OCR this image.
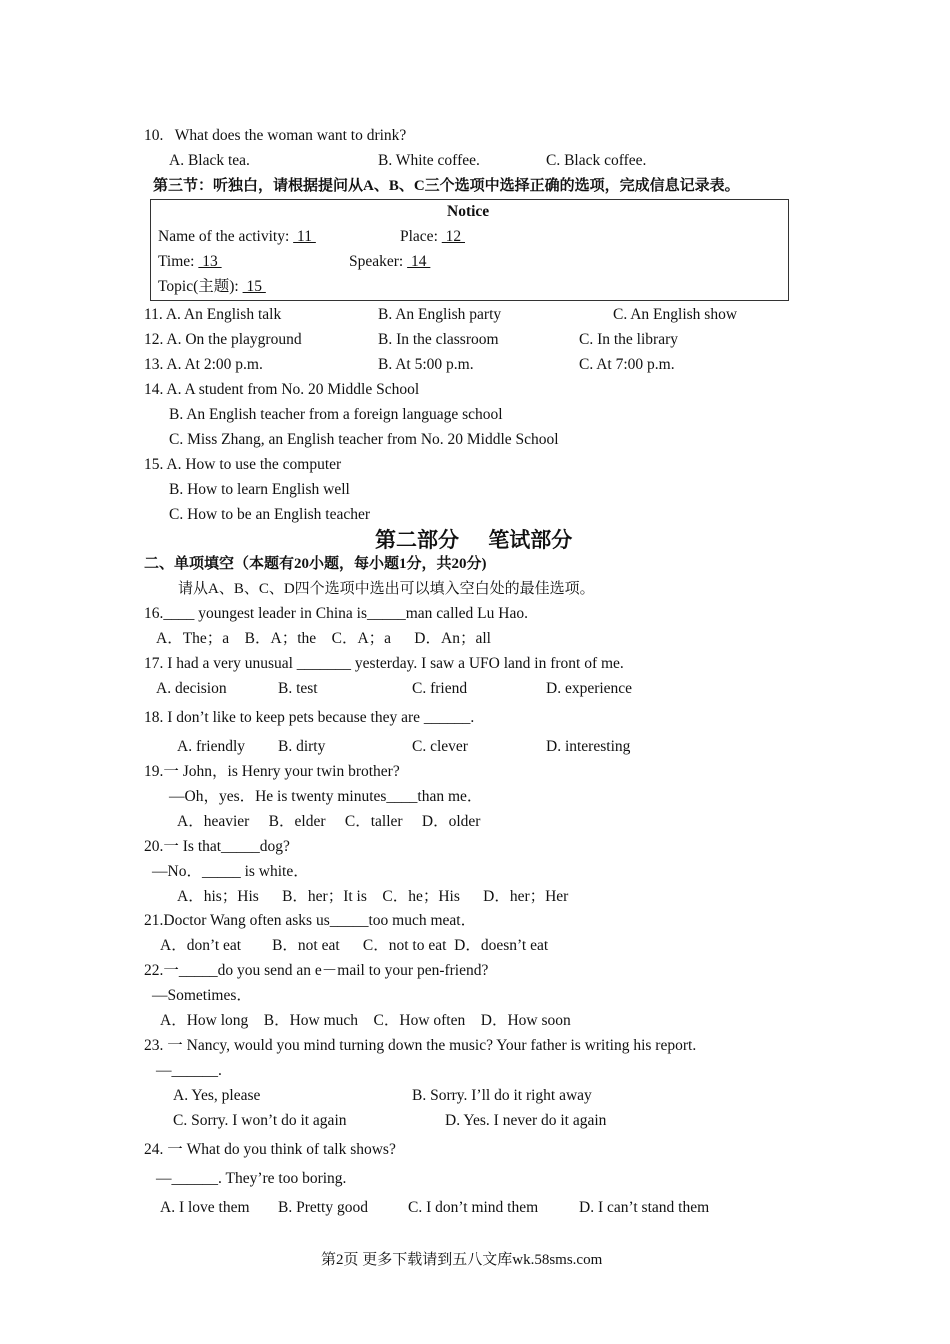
10.   What does the woman want to drink?
A. Black tea.	B. White coffee.	C. Black coffee.
第三节：听独白，请根据提问从A、B、C三个选项中选择正确的选项，完成信息记录表。
Notice
Name of the activity:  11	Place:  12
Time:  13	Speaker:  14
Topic(主题):  15
11. A. An English talk	B. An English party	C. An English show
12. A. On the playground	B. In the classroom	C. In the library
13. A. At 2:00 p.m.	B. At 5:00 p.m.	C. At 7:00 p.m.
14. A. A student from No. 20 Middle School
B. An English teacher from a foreign language school
C. Miss Zhang, an English teacher from No. 20 Middle School
15. A. How to use the computer
B. How to learn English well
C. How to be an English teacher
第二部分    笔试部分
二、单项填空（本题有20小题，每小题1分，共20分)
请从A、B、C、D四个选项中选出可以填入空白处的最佳选项。
16.____ youngest leader in China is_____man called Lu Hao.
A．The；a    B．A；the    C．A；a      D．An；all
17. I had a very unusual _______ yesterday. I saw a UFO land in front of me.
A. decision	B. test	C. friend	D. experience
18. I don’t like to keep pets because they are ______.
A. friendly B. dirty	C. clever	D. interesting
19.一 John，is Henry your twin brother?
—Oh，yes．He is twenty minutes____than me．
A．heavier     B．elder     C．taller     D．older
20.一 Is that_____dog?
—No．_____ is white．
A．his；His      B．her；It is    C．he；His      D．her；Her
21.Doctor Wang often asks us_____too much meat．
A．don’t eat        B．not eat      C．not to eat  D．doesn’t eat
22.一_____do you send an e－mail to your pen-friend?
—Sometimes．
A．How long    B．How much    C．How often    D．How soon
23. 一 Nancy, would you mind turning down the music? Your father is writing his report.
—______.
A. Yes, please	B. Sorry. I’ll do it right away
C. Sorry. I won’t do it again	D. Yes. I never do it again
24. 一 What do you think of talk shows?
—______. They’re too boring.
A. I love them B. Pretty good	C. I don’t mind them	D. I can’t stand them
第2页 更多下载请到五八文库wk.58sms.com
